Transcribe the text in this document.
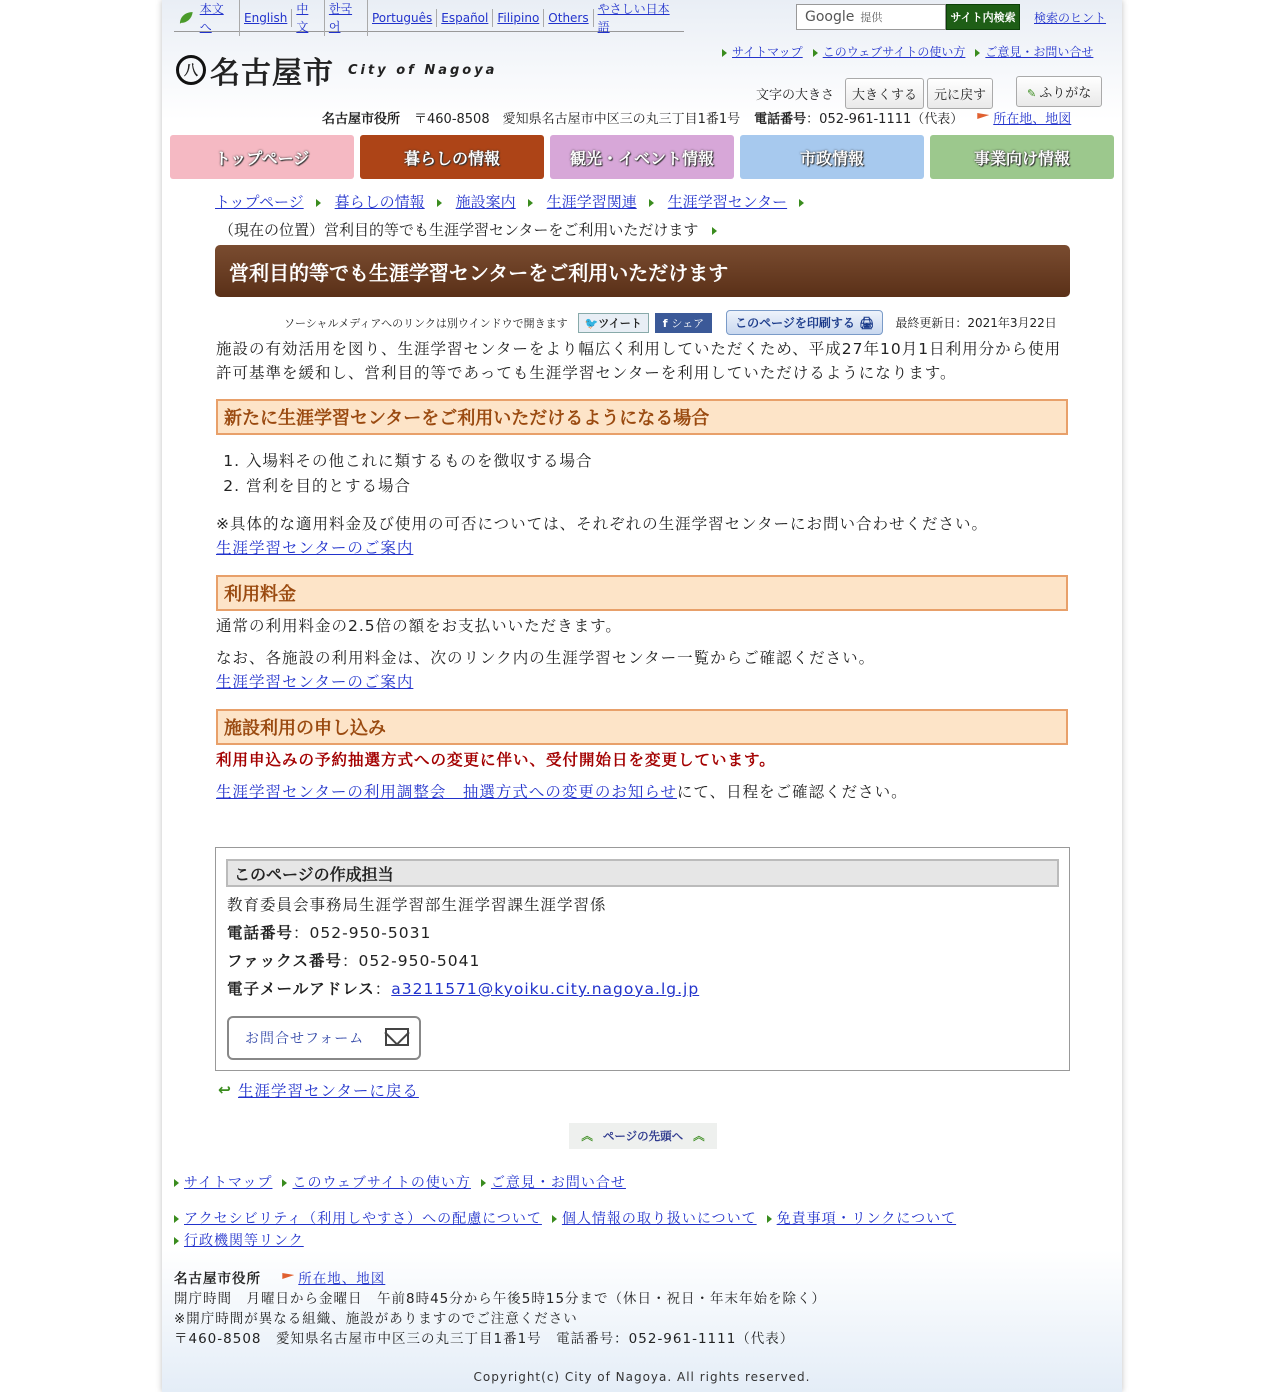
本文へ
English
中文
한국어
Português Español Filipino Others
やさしい日本語
Google 提供	サイト内検索	検索のヒント
八 名古屋市 City of Nagoya
サイトマップ	このウェブサイトの使い方	ご意見・お問い合せ
文字の大きさ	大きくする	元に戻す	✎ ふりがな
名古屋市役所 〒460-8508　愛知県名古屋市中区三の丸三丁目1番1号 電話番号：052-961-1111（代表）	所在地、地図
トップページ	暮らしの情報	観光・イベント情報	市政情報	事業向け情報
トップページ 暮らしの情報 施設案内 生涯学習関連 生涯学習センター
（現在の位置）営利目的等でも生涯学習センターをご利用いただけます
営利目的等でも生涯学習センターをご利用いただけます
ソーシャルメディアへのリンクは別ウインドウで開きます	🐦ツイート	f シェア	このページを印刷する 🖨	最終更新日：2021年3月22日
施設の有効活用を図り、生涯学習センターをより幅広く利用していただくため、平成27年10月1日利用分から使用許可基準を緩和し、営利目的等であっても生涯学習センターを利用していただけるようになります。
新たに生涯学習センターをご利用いただけるようになる場合
1. 入場料その他これに類するものを徴収する場合
2. 営利を目的とする場合
※具体的な適用料金及び使用の可否については、それぞれの生涯学習センターにお問い合わせください。
生涯学習センターのご案内
利用料金
通常の利用料金の2.5倍の額をお支払いいただきます。
なお、各施設の利用料金は、次のリンク内の生涯学習センター一覧からご確認ください。
生涯学習センターのご案内
施設利用の申し込み
利用申込みの予約抽選方式への変更に伴い、受付開始日を変更しています。
生涯学習センターの利用調整会　抽選方式への変更のお知らせにて、日程をご確認ください。
このページの作成担当
教育委員会事務局生涯学習部生涯学習課生涯学習係
電話番号：052-950-5031
ファックス番号：052-950-5041
電子メールアドレス：a3211571@kyoiku.city.nagoya.lg.jp
お問合せフォーム
↩ 生涯学習センターに戻る
︽ ページの先頭へ ︽
サイトマップ	このウェブサイトの使い方	ご意見・お問い合せ
アクセシビリティ（利用しやすさ）への配慮について	個人情報の取り扱いについて	免責事項・リンクについて
行政機関等リンク
名古屋市役所	所在地、地図
開庁時間　月曜日から金曜日　午前8時45分から午後5時15分まで（休日・祝日・年末年始を除く）
※開庁時間が異なる組織、施設がありますのでご注意ください
〒460-8508　愛知県名古屋市中区三の丸三丁目1番1号　電話番号：052-961-1111（代表）
Copyright(c) City of Nagoya. All rights reserved.
